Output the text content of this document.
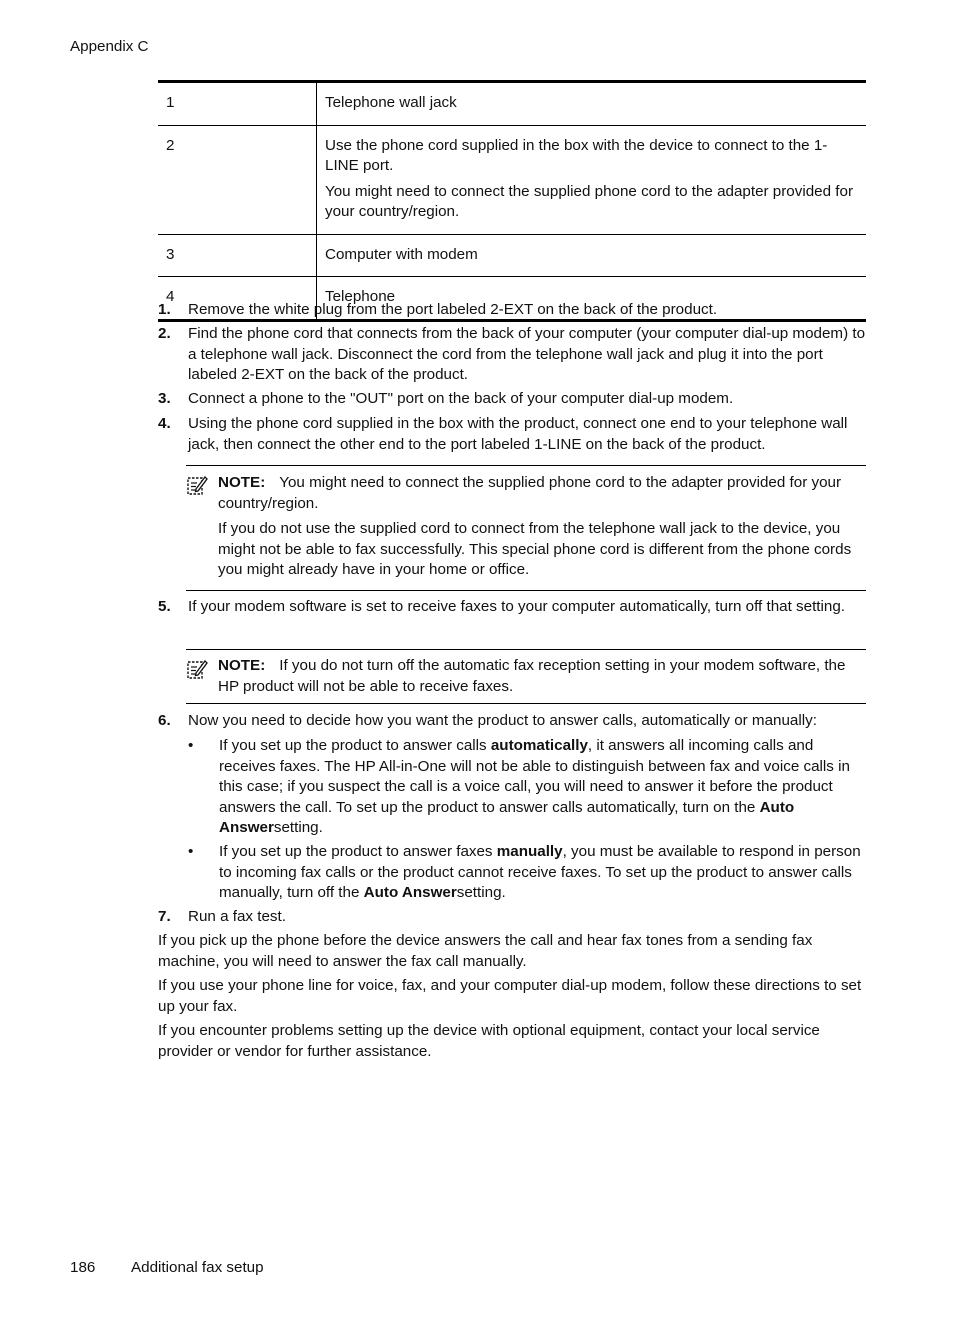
Appendix C
1	Telephone wall jack

2	Use the phone cord supplied in the box with the device to connect to the 1-LINE port.

You might need to connect the supplied phone cord to the adapter provided for your country/region.

3	Computer with modem

4	Telephone

1. Remove the white plug from the port labeled 2-EXT on the back of the product.
2. Find the phone cord that connects from the back of your computer (your computer dial-up modem) to a telephone wall jack. Disconnect the cord from the telephone wall jack and plug it into the port labeled 2-EXT on the back of the product.
3. Connect a phone to the "OUT" port on the back of your computer dial-up modem.
4. Using the phone cord supplied in the box with the product, connect one end to your telephone wall jack, then connect the other end to the port labeled 1-LINE on the back of the product.

NOTE: You might need to connect the supplied phone cord to the adapter provided for your country/region.

If you do not use the supplied cord to connect from the telephone wall jack to the device, you might not be able to fax successfully. This special phone cord is different from the phone cords you might already have in your home or office.

5. If your modem software is set to receive faxes to your computer automatically, turn off that setting.

NOTE: If you do not turn off the automatic fax reception setting in your modem software, the HP product will not be able to receive faxes.

6. Now you need to decide how you want the product to answer calls, automatically or manually:
• If you set up the product to answer calls automatically, it answers all incoming calls and receives faxes. The HP All-in-One will not be able to distinguish between fax and voice calls in this case; if you suspect the call is a voice call, you will need to answer it before the product answers the call. To set up the product to answer calls automatically, turn on the Auto Answersetting.
• If you set up the product to answer faxes manually, you must be available to respond in person to incoming fax calls or the product cannot receive faxes. To set up the product to answer calls manually, turn off the Auto Answersetting.
7. Run a fax test.
If you pick up the phone before the device answers the call and hear fax tones from a sending fax machine, you will need to answer the fax call manually.
If you use your phone line for voice, fax, and your computer dial-up modem, follow these directions to set up your fax.
If you encounter problems setting up the device with optional equipment, contact your local service provider or vendor for further assistance.
186 Additional fax setup
